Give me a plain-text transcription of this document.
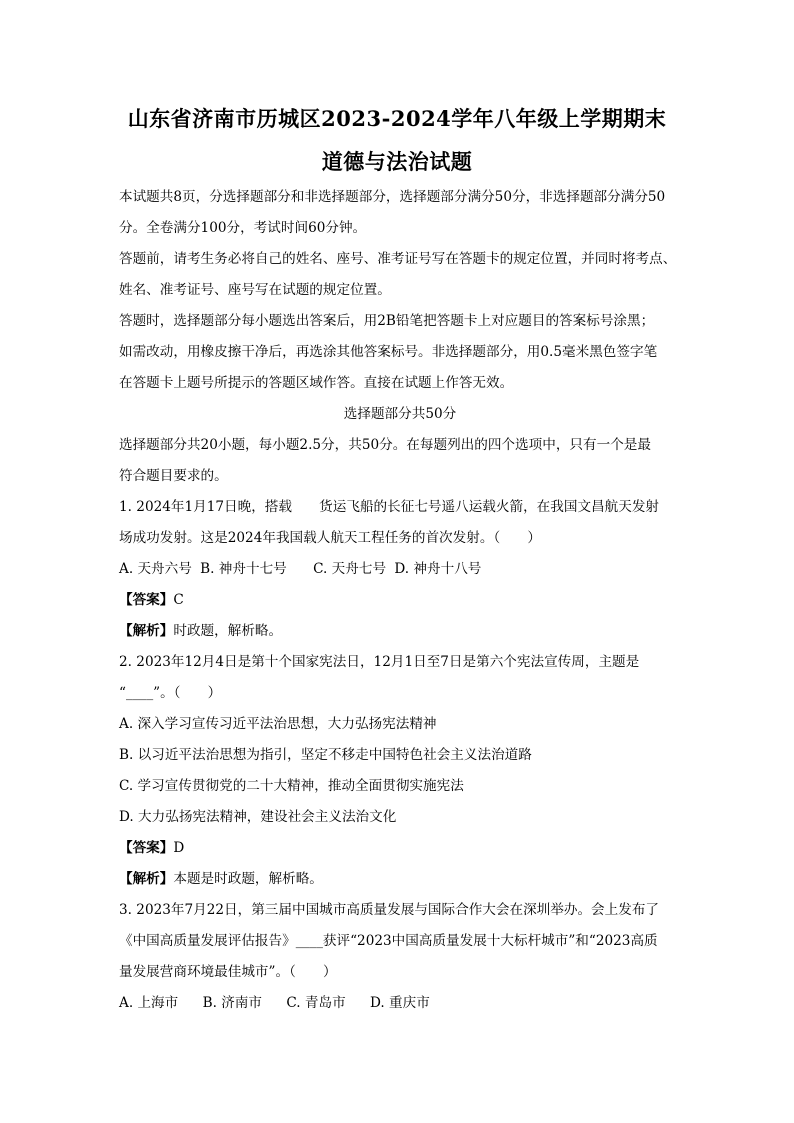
山东省济南市历城区2023-2024学年八年级上学期期末
道德与法治试题

本试题共8页，分选择题部分和非选择题部分，选择题部分满分50分，非选择题部分满分50

分。全卷满分100分，考试时间60分钟。

答题前，请考生务必将自己的姓名、座号、准考证号写在答题卡的规定位置，并同时将考点、

姓名、准考证号、座号写在试题的规定位置。

答题时，选择题部分每小题选出答案后，用2B铅笔把答题卡上对应题目的答案标号涂黑；

如需改动，用橡皮擦干净后，再选涂其他答案标号。非选择题部分，用0.5毫米黑色签字笔

在答题卡上题号所提示的答题区域作答。直接在试题上作答无效。

选择题部分共50分

选择题部分共20小题，每小题2.5分，共50分。在每题列出的四个选项中，只有一个是最

符合题目要求的。

1. 2024年1月17日晚，搭载　　货运飞船的长征七号遥八运载火箭，在我国文昌航天发射

场成功发射。这是2024年我国载人航天工程任务的首次发射。（　　）

A. 天舟六号 B. 神舟十七号 C. 天舟七号 D. 神舟十八号

【答案】C

【解析】时政题，解析略。

2. 2023年12月4日是第十个国家宪法日，12月1日至7日是第六个宪法宣传周，主题是

“____”。（　　）

A. 深入学习宣传习近平法治思想，大力弘扬宪法精神

B. 以习近平法治思想为指引，坚定不移走中国特色社会主义法治道路

C. 学习宣传贯彻党的二十大精神，推动全面贯彻实施宪法

D. 大力弘扬宪法精神，建设社会主义法治文化

【答案】D

【解析】本题是时政题，解析略。

3. 2023年7月22日，第三届中国城市高质量发展与国际合作大会在深圳举办。会上发布了

《中国高质量发展评估报告》____获评“2023中国高质量发展十大标杆城市”和“2023高质

量发展营商环境最佳城市”。（　　）

A. 上海市 B. 济南市 C. 青岛市 D. 重庆市
